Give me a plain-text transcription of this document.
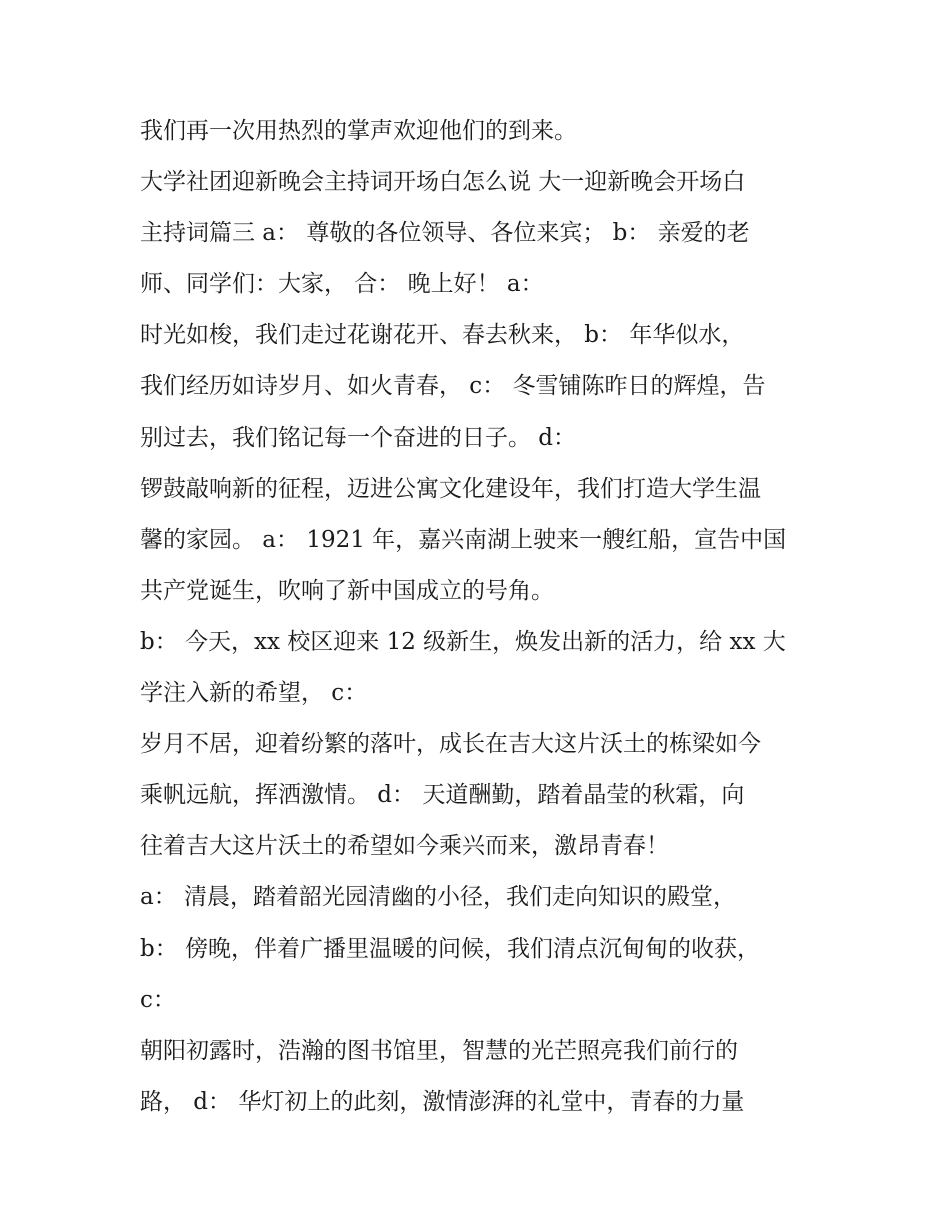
我们再一次用热烈的掌声欢迎他们的到来。
大学社团迎新晚会主持词开场白怎么说 大一迎新晚会开场白
主持词篇三 a： 尊敬的各位领导、各位来宾； b： 亲爱的老
师、同学们：大家， 合： 晚上好！ a：
时光如梭，我们走过花谢花开、春去秋来， b： 年华似水，
我们经历如诗岁月、如火青春， c： 冬雪铺陈昨日的辉煌，告
别过去，我们铭记每一个奋进的日子。 d：
锣鼓敲响新的征程，迈进公寓文化建设年，我们打造大学生温
馨的家园。 a： 1921 年，嘉兴南湖上驶来一艘红船，宣告中国
共产党诞生，吹响了新中国成立的号角。
b： 今天，xx 校区迎来 12 级新生，焕发出新的活力，给 xx 大
学注入新的希望， c：
岁月不居，迎着纷繁的落叶，成长在吉大这片沃土的栋梁如今
乘帆远航，挥洒激情。 d： 天道酬勤，踏着晶莹的秋霜，向
往着吉大这片沃土的希望如今乘兴而来，激昂青春！
a： 清晨，踏着韶光园清幽的小径，我们走向知识的殿堂，
b： 傍晚，伴着广播里温暖的问候，我们清点沉甸甸的收获，
c：
朝阳初露时，浩瀚的图书馆里，智慧的光芒照亮我们前行的
路， d： 华灯初上的此刻，激情澎湃的礼堂中，青春的力量
